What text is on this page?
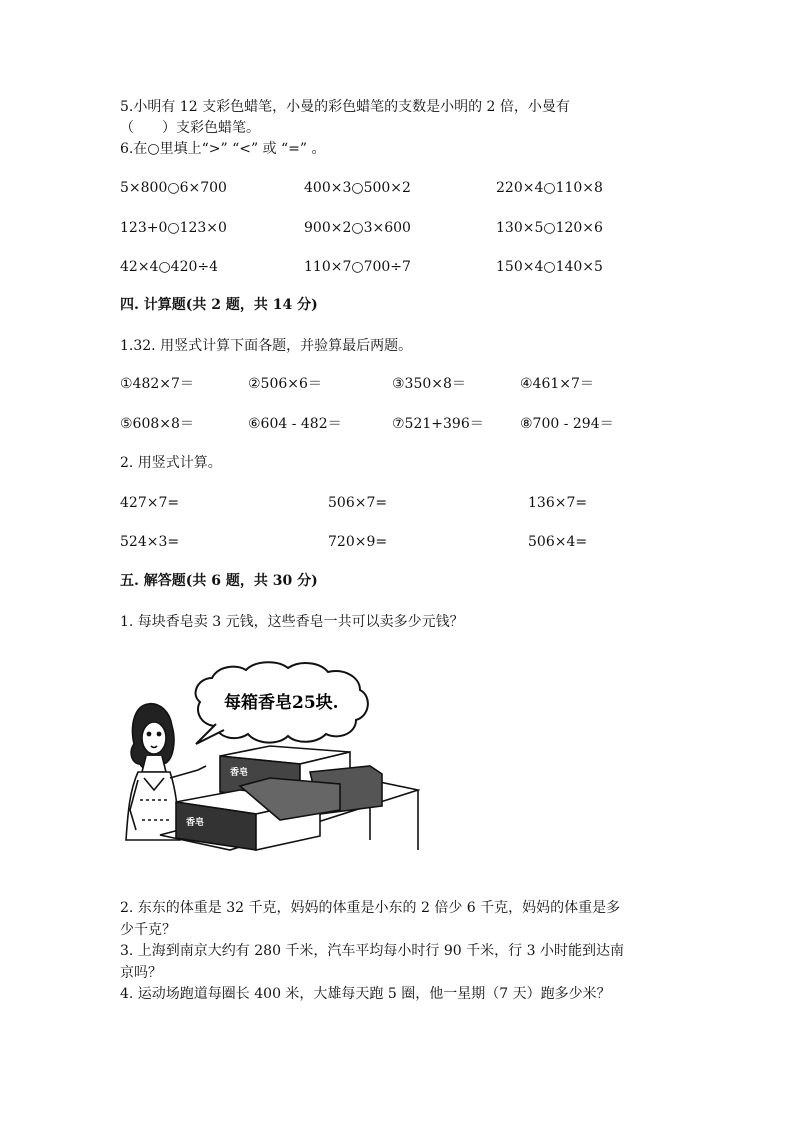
5.小明有 12 支彩色蜡笔，小曼的彩色蜡笔的支数是小明的 2 倍，小曼有
（　　）支彩色蜡笔。
6.在○里填上“>” “<” 或 “=” 。
5×800○6×700	400×3○500×2	220×4○110×8
123+0○123×0	900×2○3×600	130×5○120×6
42×4○420÷4	110×7○700÷7	150×4○140×5
四. 计算题(共 2 题，共 14 分)
1.32. 用竖式计算下面各题，并验算最后两题。
①482×7＝	②506×6＝	③350×8＝	④461×7＝
⑤608×8＝	⑥604 - 482＝	⑦521+396＝	⑧700 - 294＝
2. 用竖式计算。
427×7=	506×7=	136×7=
524×3=	720×9=	506×4=
五. 解答题(共 6 题，共 30 分)
1. 每块香皂卖 3 元钱，这些香皂一共可以卖多少元钱？
每箱香皂25块.
香皂
香皂
2. 东东的体重是 32 千克，妈妈的体重是小东的 2 倍少 6 千克，妈妈的体重是多
少千克？
3. 上海到南京大约有 280 千米，汽车平均每小时行 90 千米，行 3 小时能到达南
京吗？
4. 运动场跑道每圈长 400 米，大雄每天跑 5 圈，他一星期（7 天）跑多少米？
